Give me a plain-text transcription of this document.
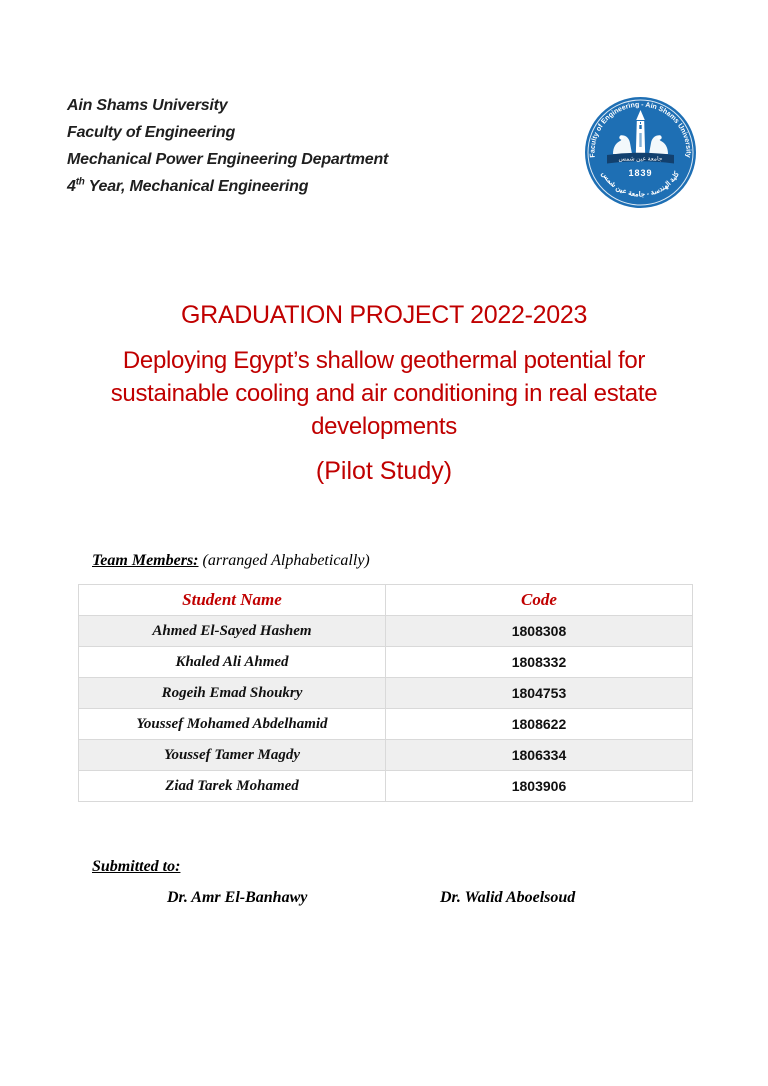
Ain Shams University
Faculty of Engineering
Mechanical Power Engineering Department
4th Year, Mechanical Engineering
Faculty of Engineering - Ain Shams University
كلية الهندسة - جامعة عين شمس
جامعة عين شمس
1839
GRADUATION PROJECT 2022-2023
Deploying Egypt’s shallow geothermal potential for sustainable cooling and air conditioning in real estate developments
(Pilot Study)
Team Members: (arranged Alphabetically)
Student Name	Code
Ahmed El-Sayed Hashem	1808308
Khaled Ali Ahmed	1808332
Rogeih Emad Shoukry	1804753
Youssef Mohamed Abdelhamid	1808622
Youssef Tamer Magdy	1806334
Ziad Tarek Mohamed	1803906
Submitted to:
Dr. Amr El-Banhawy	Dr. Walid Aboelsoud
